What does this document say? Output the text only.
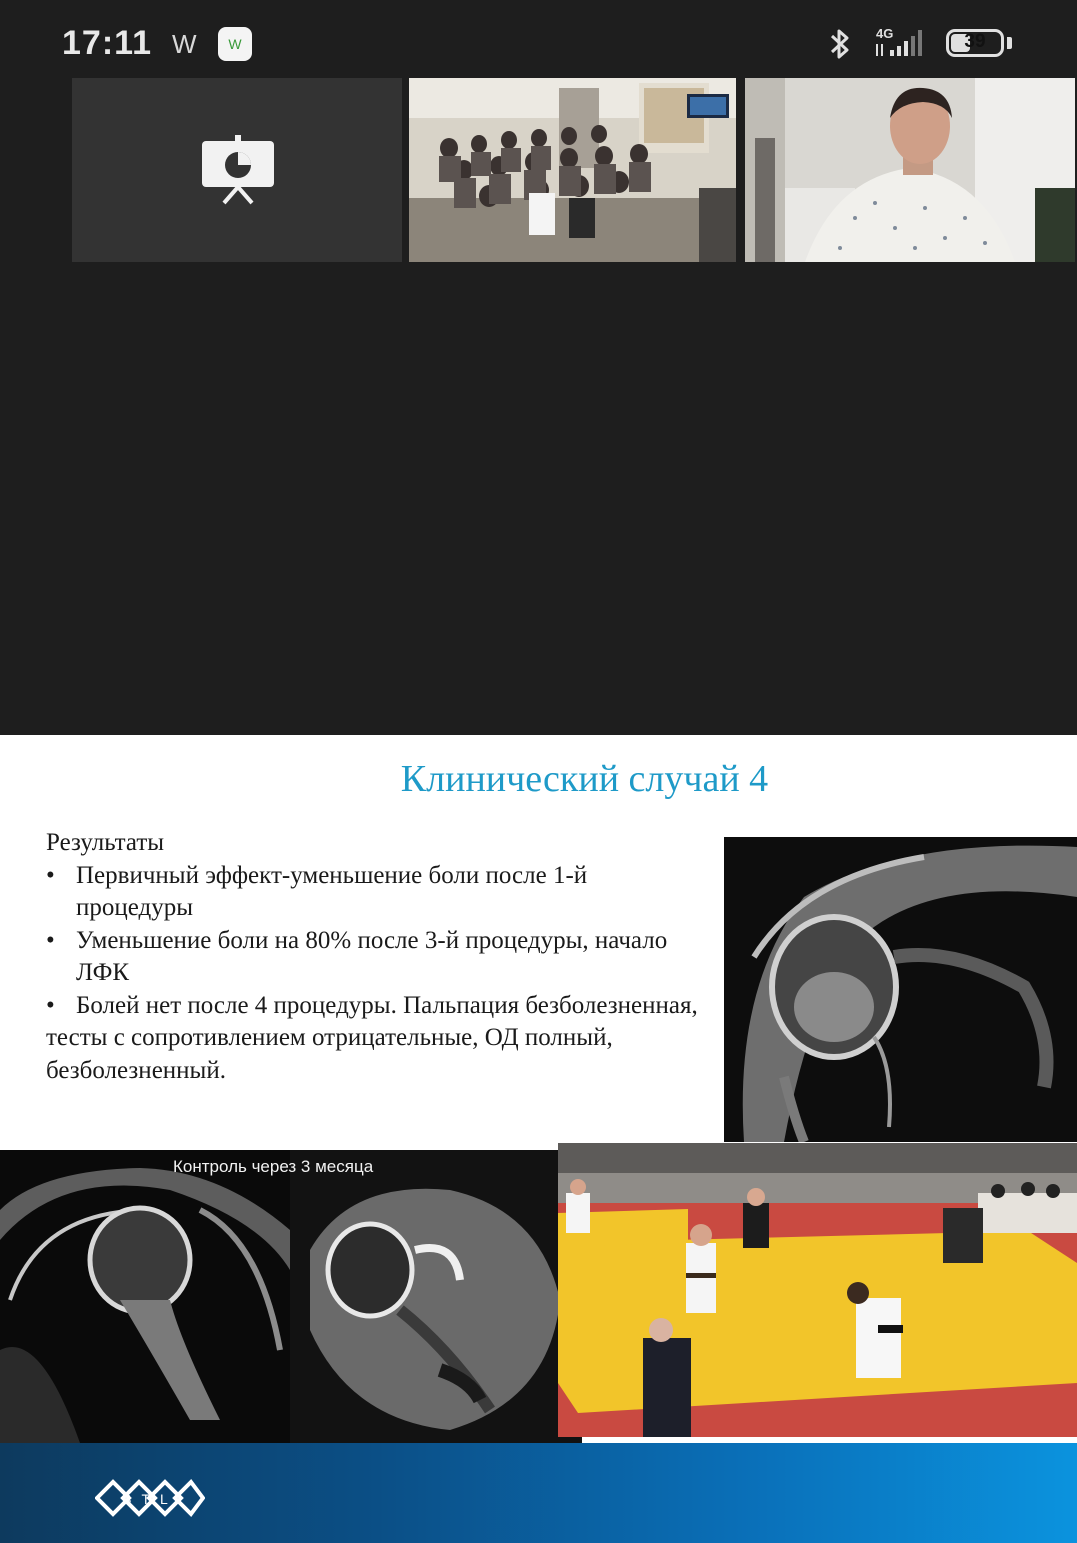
17:11 W	W
4G	39
Клинический случай 4
Результаты
• Первичный эффект-уменьшение боли после 1-й процедуры
• Уменьшение боли на 80% после 3-й процедуры, начало ЛФК
• Болей нет после 4 процедуры. Пальпация безболезненная,
тесты с сопротивлением отрицательные, ОД полный, безболезненный.
Контроль через 3 месяца
BTL
